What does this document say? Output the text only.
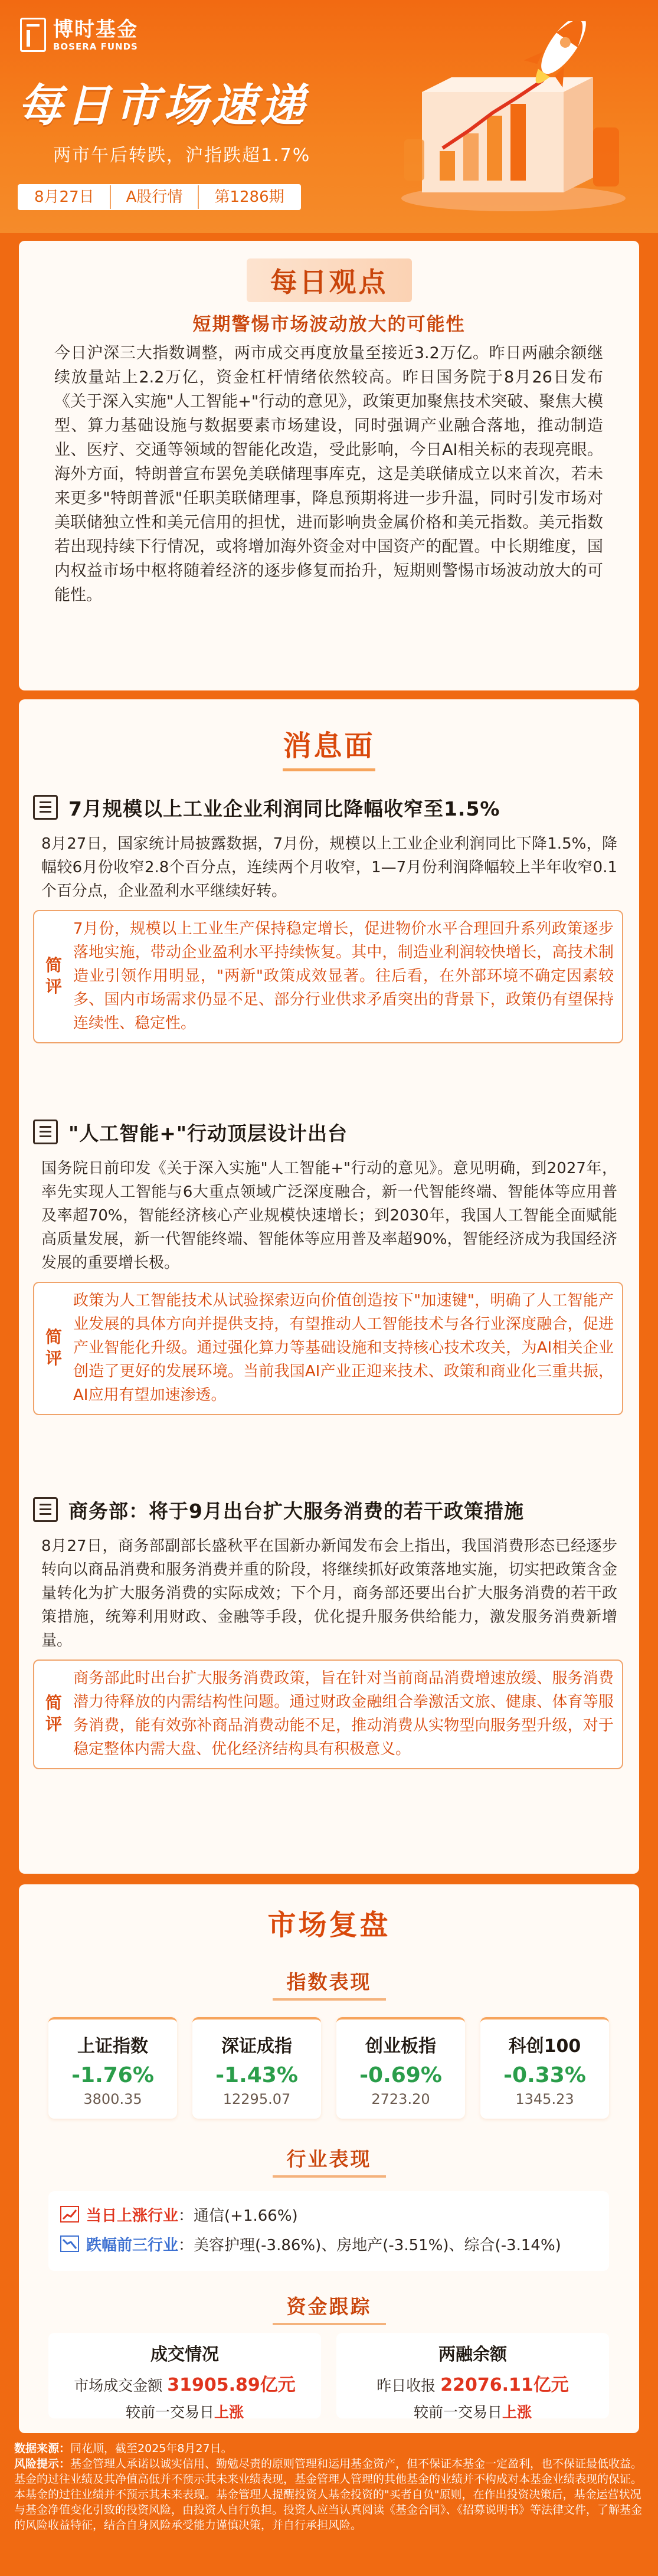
博时基金
BOSERA FUNDS
每日市场速递
两市午后转跌，沪指跌超1.7%
8月27日	A股行情	第1286期
每日观点
短期警惕市场波动放大的可能性
今日沪深三大指数调整，两市成交再度放量至接近3.2万亿。昨日两融余额继续放量站上2.2万亿，资金杠杆情绪依然较高。昨日国务院于8月26日发布《关于深入实施"人工智能+"行动的意见》，政策更加聚焦技术突破、聚焦大模型、算力基础设施与数据要素市场建设，同时强调产业融合落地，推动制造业、医疗、交通等领域的智能化改造，受此影响，今日AI相关标的表现亮眼。海外方面，特朗普宣布罢免美联储理事库克，这是美联储成立以来首次，若未来更多"特朗普派"任职美联储理事，降息预期将进一步升温，同时引发市场对美联储独立性和美元信用的担忧，进而影响贵金属价格和美元指数。美元指数若出现持续下行情况，或将增加海外资金对中国资产的配置。中长期维度，国内权益市场中枢将随着经济的逐步修复而抬升，短期则警惕市场波动放大的可能性。
消息面
7月规模以上工业企业利润同比降幅收窄至1.5%
8月27日，国家统计局披露数据，7月份，规模以上工业企业利润同比下降1.5%，降幅较6月份收窄2.8个百分点，连续两个月收窄，1—7月份利润降幅较上半年收窄0.1个百分点，企业盈利水平继续好转。
简
评
7月份，规模以上工业生产保持稳定增长，促进物价水平合理回升系列政策逐步落地实施，带动企业盈利水平持续恢复。其中，制造业利润较快增长，高技术制造业引领作用明显，"两新"政策成效显著。往后看，在外部环境不确定因素较多、国内市场需求仍显不足、部分行业供求矛盾突出的背景下，政策仍有望保持连续性、稳定性。
"人工智能+"行动顶层设计出台
国务院日前印发《关于深入实施"人工智能+"行动的意见》。意见明确，到2027年，率先实现人工智能与6大重点领域广泛深度融合，新一代智能终端、智能体等应用普及率超70%，智能经济核心产业规模快速增长；到2030年，我国人工智能全面赋能高质量发展，新一代智能终端、智能体等应用普及率超90%，智能经济成为我国经济发展的重要增长极。
简
评
政策为人工智能技术从试验探索迈向价值创造按下"加速键"，明确了人工智能产业发展的具体方向并提供支持，有望推动人工智能技术与各行业深度融合，促进产业智能化升级。通过强化算力等基础设施和支持核心技术攻关，为AI相关企业创造了更好的发展环境。当前我国AI产业正迎来技术、政策和商业化三重共振，AI应用有望加速渗透。
商务部：将于9月出台扩大服务消费的若干政策措施
8月27日，商务部副部长盛秋平在国新办新闻发布会上指出，我国消费形态已经逐步转向以商品消费和服务消费并重的阶段，将继续抓好政策落地实施，切实把政策含金量转化为扩大服务消费的实际成效；下个月，商务部还要出台扩大服务消费的若干政策措施，统筹利用财政、金融等手段，优化提升服务供给能力，激发服务消费新增量。
简
评
商务部此时出台扩大服务消费政策，旨在针对当前商品消费增速放缓、服务消费潜力待释放的内需结构性问题。通过财政金融组合拳激活文旅、健康、体育等服务消费，能有效弥补商品消费动能不足，推动消费从实物型向服务型升级，对于稳定整体内需大盘、优化经济结构具有积极意义。
市场复盘
指数表现
上证指数
-1.76%
3800.35
深证成指
-1.43%
12295.07
创业板指
-0.69%
2723.20
科创100
-0.33%
1345.23
行业表现
当日上涨行业 ：通信(+1.66%)
跌幅前三行业 ：美容护理(-3.86%)、房地产(-3.51%)、综合(-3.14%)
资金跟踪
成交情况
市场成交金额 31905.89亿元
较前一交易日上涨
两融余额
昨日收报 22076.11亿元
较前一交易日上涨
数据来源：同花顺，截至2025年8月27日。
风险提示：基金管理人承诺以诚实信用、勤勉尽责的原则管理和运用基金资产，但不保证本基金一定盈利，也不保证最低收益。基金的过往业绩及其净值高低并不预示其未来业绩表现，基金管理人管理的其他基金的业绩并不构成对本基金业绩表现的保证。本基金的过往业绩并不预示其未来表现。基金管理人提醒投资人基金投资的"买者自负"原则，在作出投资决策后，基金运营状况与基金净值变化引致的投资风险，由投资人自行负担。投资人应当认真阅读《基金合同》、《招募说明书》等法律文件，了解基金的风险收益特征，结合自身风险承受能力谨慎决策，并自行承担风险。
